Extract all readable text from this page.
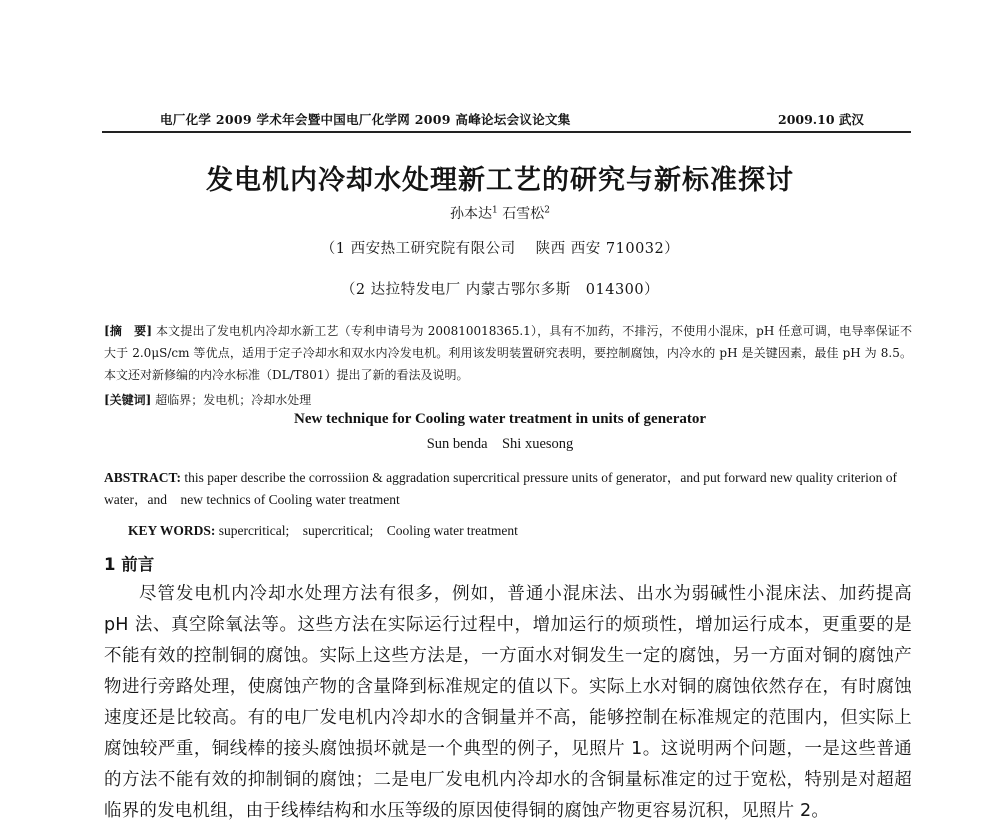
电厂化学 2009 学术年会暨中国电厂化学网 2009 高峰论坛会议论文集	2009.10 武汉
发电机内冷却水处理新工艺的研究与新标准探讨
孙本达$^1$ 石雪松$^2$
（1 西安热工研究院有限公司　 陕西 西安 710032）
（2 达拉特发电厂 内蒙古鄂尔多斯　014300）
[摘　要] 本文提出了发电机内冷却水新工艺（专利申请号为 200810018365.1），具有不加药，不排污，不使用小混床，pH 任意可调，电导率保证不大于 2.0μS/cm 等优点，适用于定子冷却水和双水内冷发电机。利用该发明装置研究表明，要控制腐蚀，内冷水的 pH 是关键因素，最佳 pH 为 8.5。本文还对新修编的内冷水标准（DL/T801）提出了新的看法及说明。
[关键词] 超临界；发电机；冷却水处理
New technique for Cooling water treatment in units of generator
Sun benda　Shi xuesong
ABSTRACT: this paper describe the corrossiion & aggradation supercritical pressure units of generator，and put forward new quality criterion of water，and　new technics of Cooling water treatment
KEY WORDS: supercritical;　supercritical;　Cooling water treatment
1 前言
尽管发电机内冷却水处理方法有很多，例如，普通小混床法、出水为弱碱性小混床法、加药提高 pH 法、真空除氧法等。这些方法在实际运行过程中，增加运行的烦琐性，增加运行成本，更重要的是不能有效的控制铜的腐蚀。实际上这些方法是，一方面水对铜发生一定的腐蚀，另一方面对铜的腐蚀产物进行旁路处理，使腐蚀产物的含量降到标准规定的值以下。实际上水对铜的腐蚀依然存在，有时腐蚀速度还是比较高。有的电厂发电机内冷却水的含铜量并不高，能够控制在标准规定的范围内，但实际上腐蚀较严重，铜线棒的接头腐蚀损坏就是一个典型的例子，见照片 1。这说明两个问题，一是这些普通的方法不能有效的抑制铜的腐蚀；二是电厂发电机内冷却水的含铜量标准定的过于宽松，特别是对超超临界的发电机组，由于线棒结构和水压等级的原因使得铜的腐蚀产物更容易沉积，见照片 2。
